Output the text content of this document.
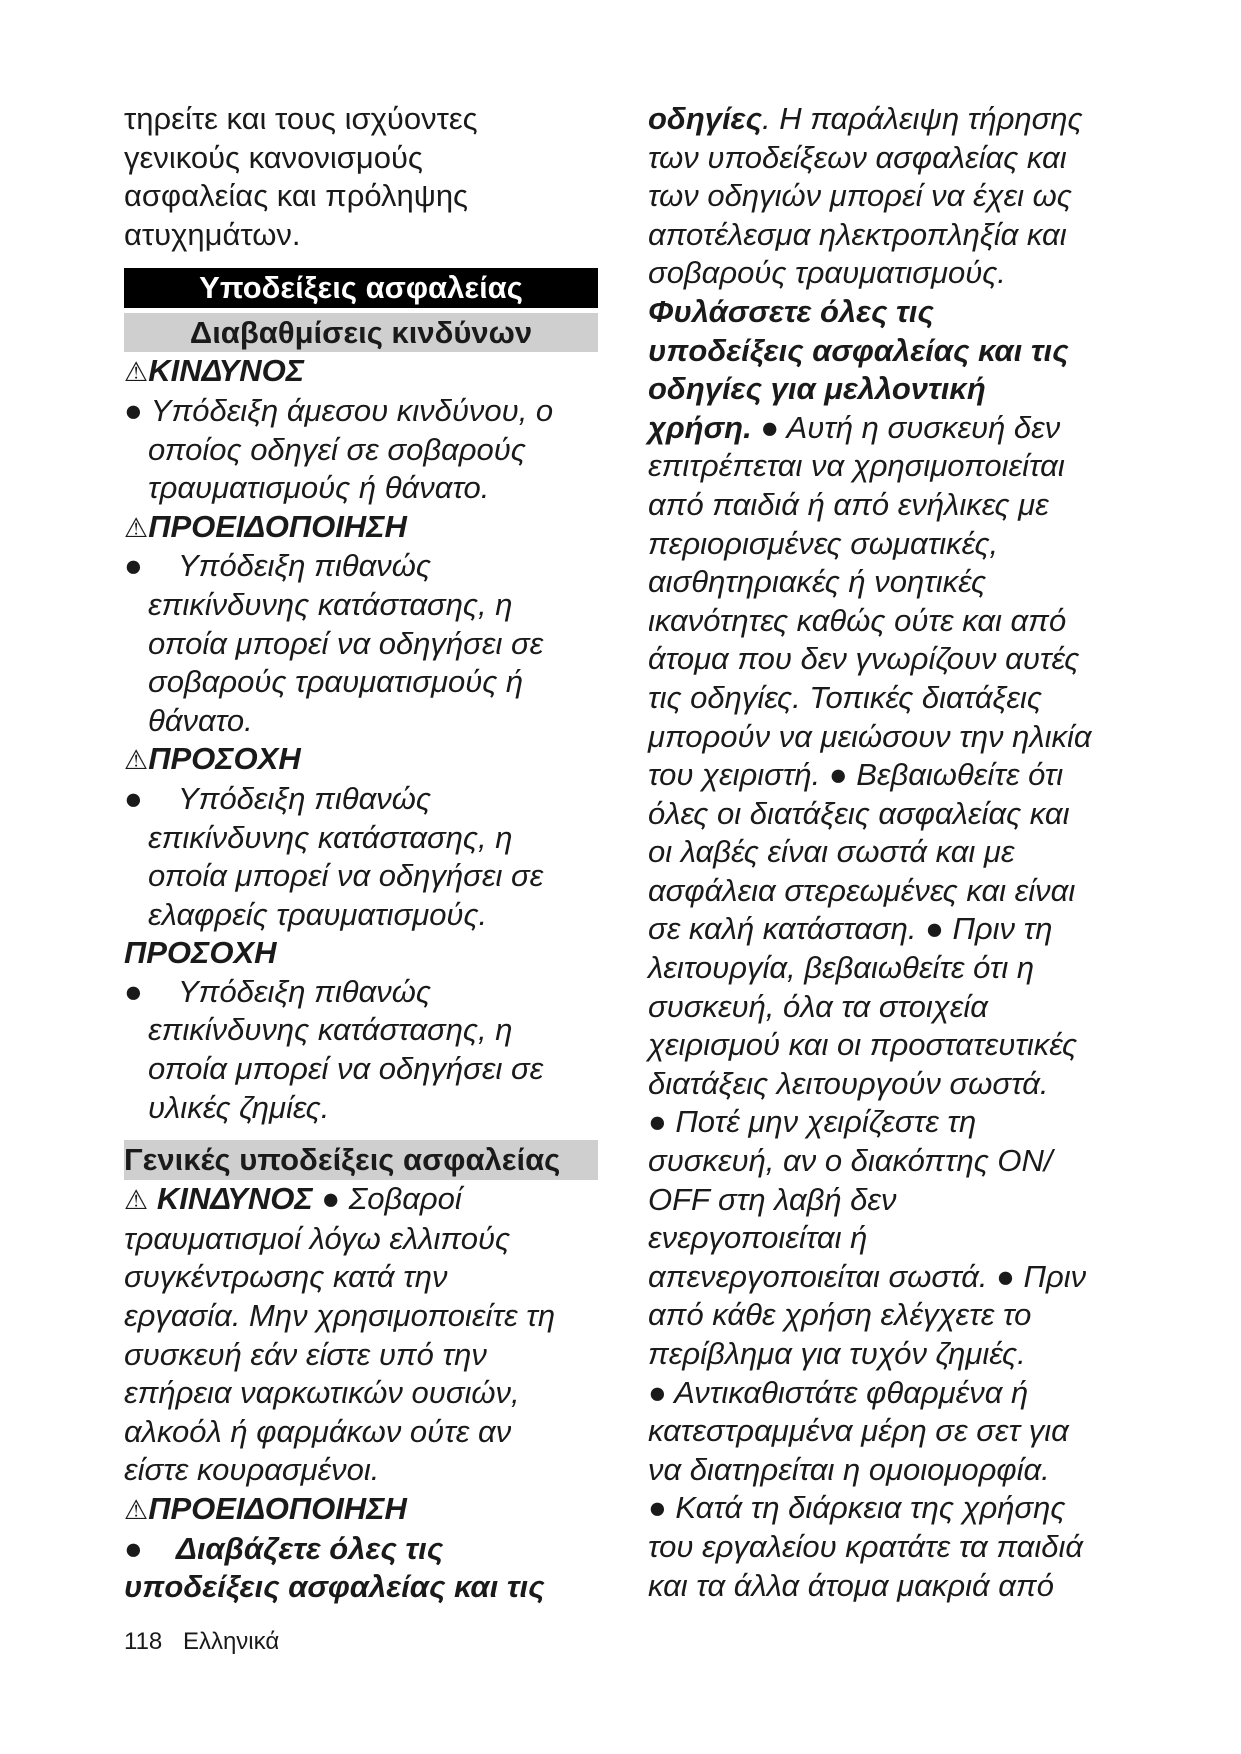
τηρείτε και τους ισχύοντες

γενικούς κανονισμούς

ασφαλείας και πρόληψης

ατυχημάτων.

Υποδείξεις ασφαλείας
Διαβαθμίσεις κινδύνων

⚠ΚΙΝΔΥΝΟΣ

● Υπόδειξη άμεσου κινδύνου, ο

οποίος οδηγεί σε σοβαρούς

τραυματισμούς ή θάνατο.

⚠ΠΡΟΕΙΔΟΠΟΙΗΣΗ

●	Υπόδειξη πιθανώς

επικίνδυνης κατάστασης, η

οποία μπορεί να οδηγήσει σε

σοβαρούς τραυματισμούς ή

θάνατο.

⚠ΠΡΟΣΟΧΗ

●	Υπόδειξη πιθανώς

επικίνδυνης κατάστασης, η

οποία μπορεί να οδηγήσει σε

ελαφρείς τραυματισμούς.

ΠΡΟΣΟΧΗ

●	Υπόδειξη πιθανώς

επικίνδυνης κατάστασης, η

οποία μπορεί να οδηγήσει σε

υλικές ζημίες.

Γενικές υποδείξεις ασφαλείας

⚠ ΚΙΝΔΥΝΟΣ ● Σοβαροί

τραυματισμοί λόγω ελλιπούς

συγκέντρωσης κατά την

εργασία. Μην χρησιμοποιείτε τη

συσκευή εάν είστε υπό την

επήρεια ναρκωτικών ουσιών,

αλκοόλ ή φαρμάκων ούτε αν

είστε κουρασμένοι.

⚠ΠΡΟΕΙΔΟΠΟΙΗΣΗ

● Διαβάζετε όλες τις

υποδείξεις ασφαλείας και τις

οδηγίες. Η παράλειψη τήρησης

των υποδείξεων ασφαλείας και

των οδηγιών μπορεί να έχει ως

αποτέλεσμα ηλεκτροπληξία και

σοβαρούς τραυματισμούς.

Φυλάσσετε όλες τις

υποδείξεις ασφαλείας και τις

οδηγίες για μελλοντική

χρήση. ● Αυτή η συσκευή δεν

επιτρέπεται να χρησιμοποιείται

από παιδιά ή από ενήλικες με

περιορισμένες σωματικές,

αισθητηριακές ή νοητικές

ικανότητες καθώς ούτε και από

άτομα που δεν γνωρίζουν αυτές

τις οδηγίες. Τοπικές διατάξεις

μπορούν να μειώσουν την ηλικία

του χειριστή. ● Βεβαιωθείτε ότι

όλες οι διατάξεις ασφαλείας και

οι λαβές είναι σωστά και με

ασφάλεια στερεωμένες και είναι

σε καλή κατάσταση. ● Πριν τη

λειτουργία, βεβαιωθείτε ότι η

συσκευή, όλα τα στοιχεία

χειρισμού και οι προστατευτικές

διατάξεις λειτουργούν σωστά.

● Ποτέ μην χειρίζεστε τη

συσκευή, αν ο διακόπτης ON/

OFF στη λαβή δεν

ενεργοποιείται ή

απενεργοποιείται σωστά. ● Πριν

από κάθε χρήση ελέγχετε το

περίβλημα για τυχόν ζημιές.

● Αντικαθιστάτε φθαρμένα ή

κατεστραμμένα μέρη σε σετ για

να διατηρείται η ομοιομορφία.

● Κατά τη διάρκεια της χρήσης

του εργαλείου κρατάτε τα παιδιά

και τα άλλα άτομα μακριά από

118 Ελληνικά
